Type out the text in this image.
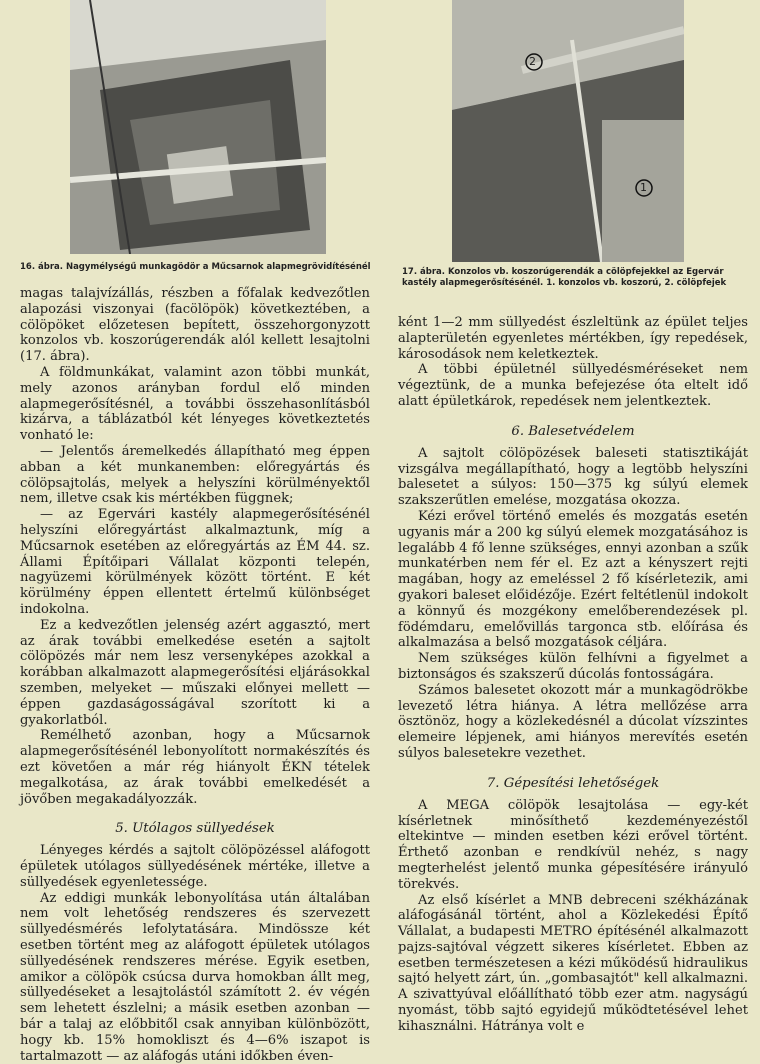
16. ábra. Nagymélységű munkagödör a Műcsarnok alapmegrövidítésénél
2
1
17. ábra. Konzolos vb. koszorúgerendák a cölöpfejekkel az Egervár
kastély alapmegerősítésénél. 1. konzolos vb. koszorú, 2. cölöpfejek

magas talajvízállás, részben a főfalak kedvezőtlen alapozási viszonyai (facölöpök) következtében, a cölöpöket előzetesen bepített, összehorgonyzott konzolos vb. koszorúgerendák alól kellett lesajtolni (17. ábra).

A földmunkákat, valamint azon többi munkát, mely azonos arányban fordul elő minden alapmegerősítésnél, a további összehasonlításból kizárva, a táblázatból két lényeges következtetés vonható le:

— Jelentős áremelkedés állapítható meg éppen abban a két munkanemben: előregyártás és cölöpsajtolás, melyek a helyszíni körülményektől nem, illetve csak kis mértékben függnek;

— az Egervári kastély alapmegerősítésénél helyszíni előregyártást alkalmaztunk, míg a Műcsarnok esetében az előregyártás az ÉM 44. sz. Állami Építőipari Vállalat központi telepén, nagyüzemi körülmények között történt. E két körülmény éppen ellentett értelmű különbséget indokolna.

Ez a kedvezőtlen jelenség azért aggasztó, mert az árak további emelkedése esetén a sajtolt cölöpözés már nem lesz versenyképes azokkal a korábban alkalmazott alapmegerősítési eljárásokkal szemben, melyeket — műszaki előnyei mellett — éppen gazdaságosságával szorított ki a gyakorlatból.

Remélhető azonban, hogy a Műcsarnok alapmegerősítésénél lebonyolított normakészítés és ezt követően a már rég hiányolt ÉKN tételek megalkotása, az árak további emelkedését a jövőben megakadályozzák.

5. Utólagos süllyedések

Lényeges kérdés a sajtolt cölöpözéssel aláfogott épületek utólagos süllyedésének mértéke, illetve a süllyedések egyenletessége.

Az eddigi munkák lebonyolítása után általában nem volt lehetőség rendszeres és szervezett süllyedésmérés lefolytatására. Mindössze két esetben történt meg az aláfogott épületek utólagos süllyedésének rendszeres mérése. Egyik esetben, amikor a cölöpök csúcsa durva homokban állt meg, süllyedéseket a lesajtolástól számított 2. év végén sem lehetett észlelni; a másik esetben azonban — bár a talaj az előbbitől csak annyiban különbözött, hogy kb. 15% homokliszt és 4—6% iszapot is tartalmazott — az aláfogás utáni időkben éven-

ként 1—2 mm süllyedést észleltünk az épület teljes alapterületén egyenletes mértékben, így repedések, károsodások nem keletkeztek.

A többi épületnél süllyedésméréseket nem végeztünk, de a munka befejezése óta eltelt idő alatt épületkárok, repedések nem jelentkeztek.

6. Balesetvédelem

A sajtolt cölöpözések baleseti statisztikáját vizsgálva megállapítható, hogy a legtöbb helyszíni balesetet a súlyos: 150—375 kg súlyú elemek szakszerűtlen emelése, mozgatása okozza.

Kézi erővel történő emelés és mozgatás esetén ugyanis már a 200 kg súlyú elemek mozgatásához is legalább 4 fő lenne szükséges, ennyi azonban a szűk munkatérben nem fér el. Ez azt a kényszert rejti magában, hogy az emeléssel 2 fő kísérletezik, ami gyakori baleset előidézője. Ezért feltétlenül indokolt a könnyű és mozgékony emelőberendezések pl. födémdaru, emelővillás targonca stb. előírása és alkalmazása a belső mozgatások céljára.

Nem szükséges külön felhívni a figyelmet a biztonságos és szakszerű dúcolás fontosságára.

Számos balesetet okozott már a munkagödrökbe levezető létra hiánya. A létra mellőzése arra ösztönöz, hogy a közlekedésnél a dúcolat vízszintes elemeire lépjenek, ami hiányos merevítés esetén súlyos balesetekre vezethet.

7. Gépesítési lehetőségek

A MEGA cölöpök lesajtolása — egy-két kísérletnek minősíthető kezdeményezéstől eltekintve — minden esetben kézi erővel történt. Érthető azonban e rendkívül nehéz, s nagy megterhelést jelentő munka gépesítésére irányuló törekvés.

Az első kísérlet a MNB debreceni székházának aláfogásánál történt, ahol a Közlekedési Építő Vállalat, a budapesti METRO építésénél alkalmazott pajzs-sajtóval végzett sikeres kísérletet. Ebben az esetben természetesen a kézi működésű hidraulikus sajtó helyett zárt, ún. „gombasajtót" kell alkalmazni. A szivattyúval előállítható több ezer atm. nagyságú nyomást, több sajtó egyidejű működtetésével lehet kihasználni. Hátránya volt e
